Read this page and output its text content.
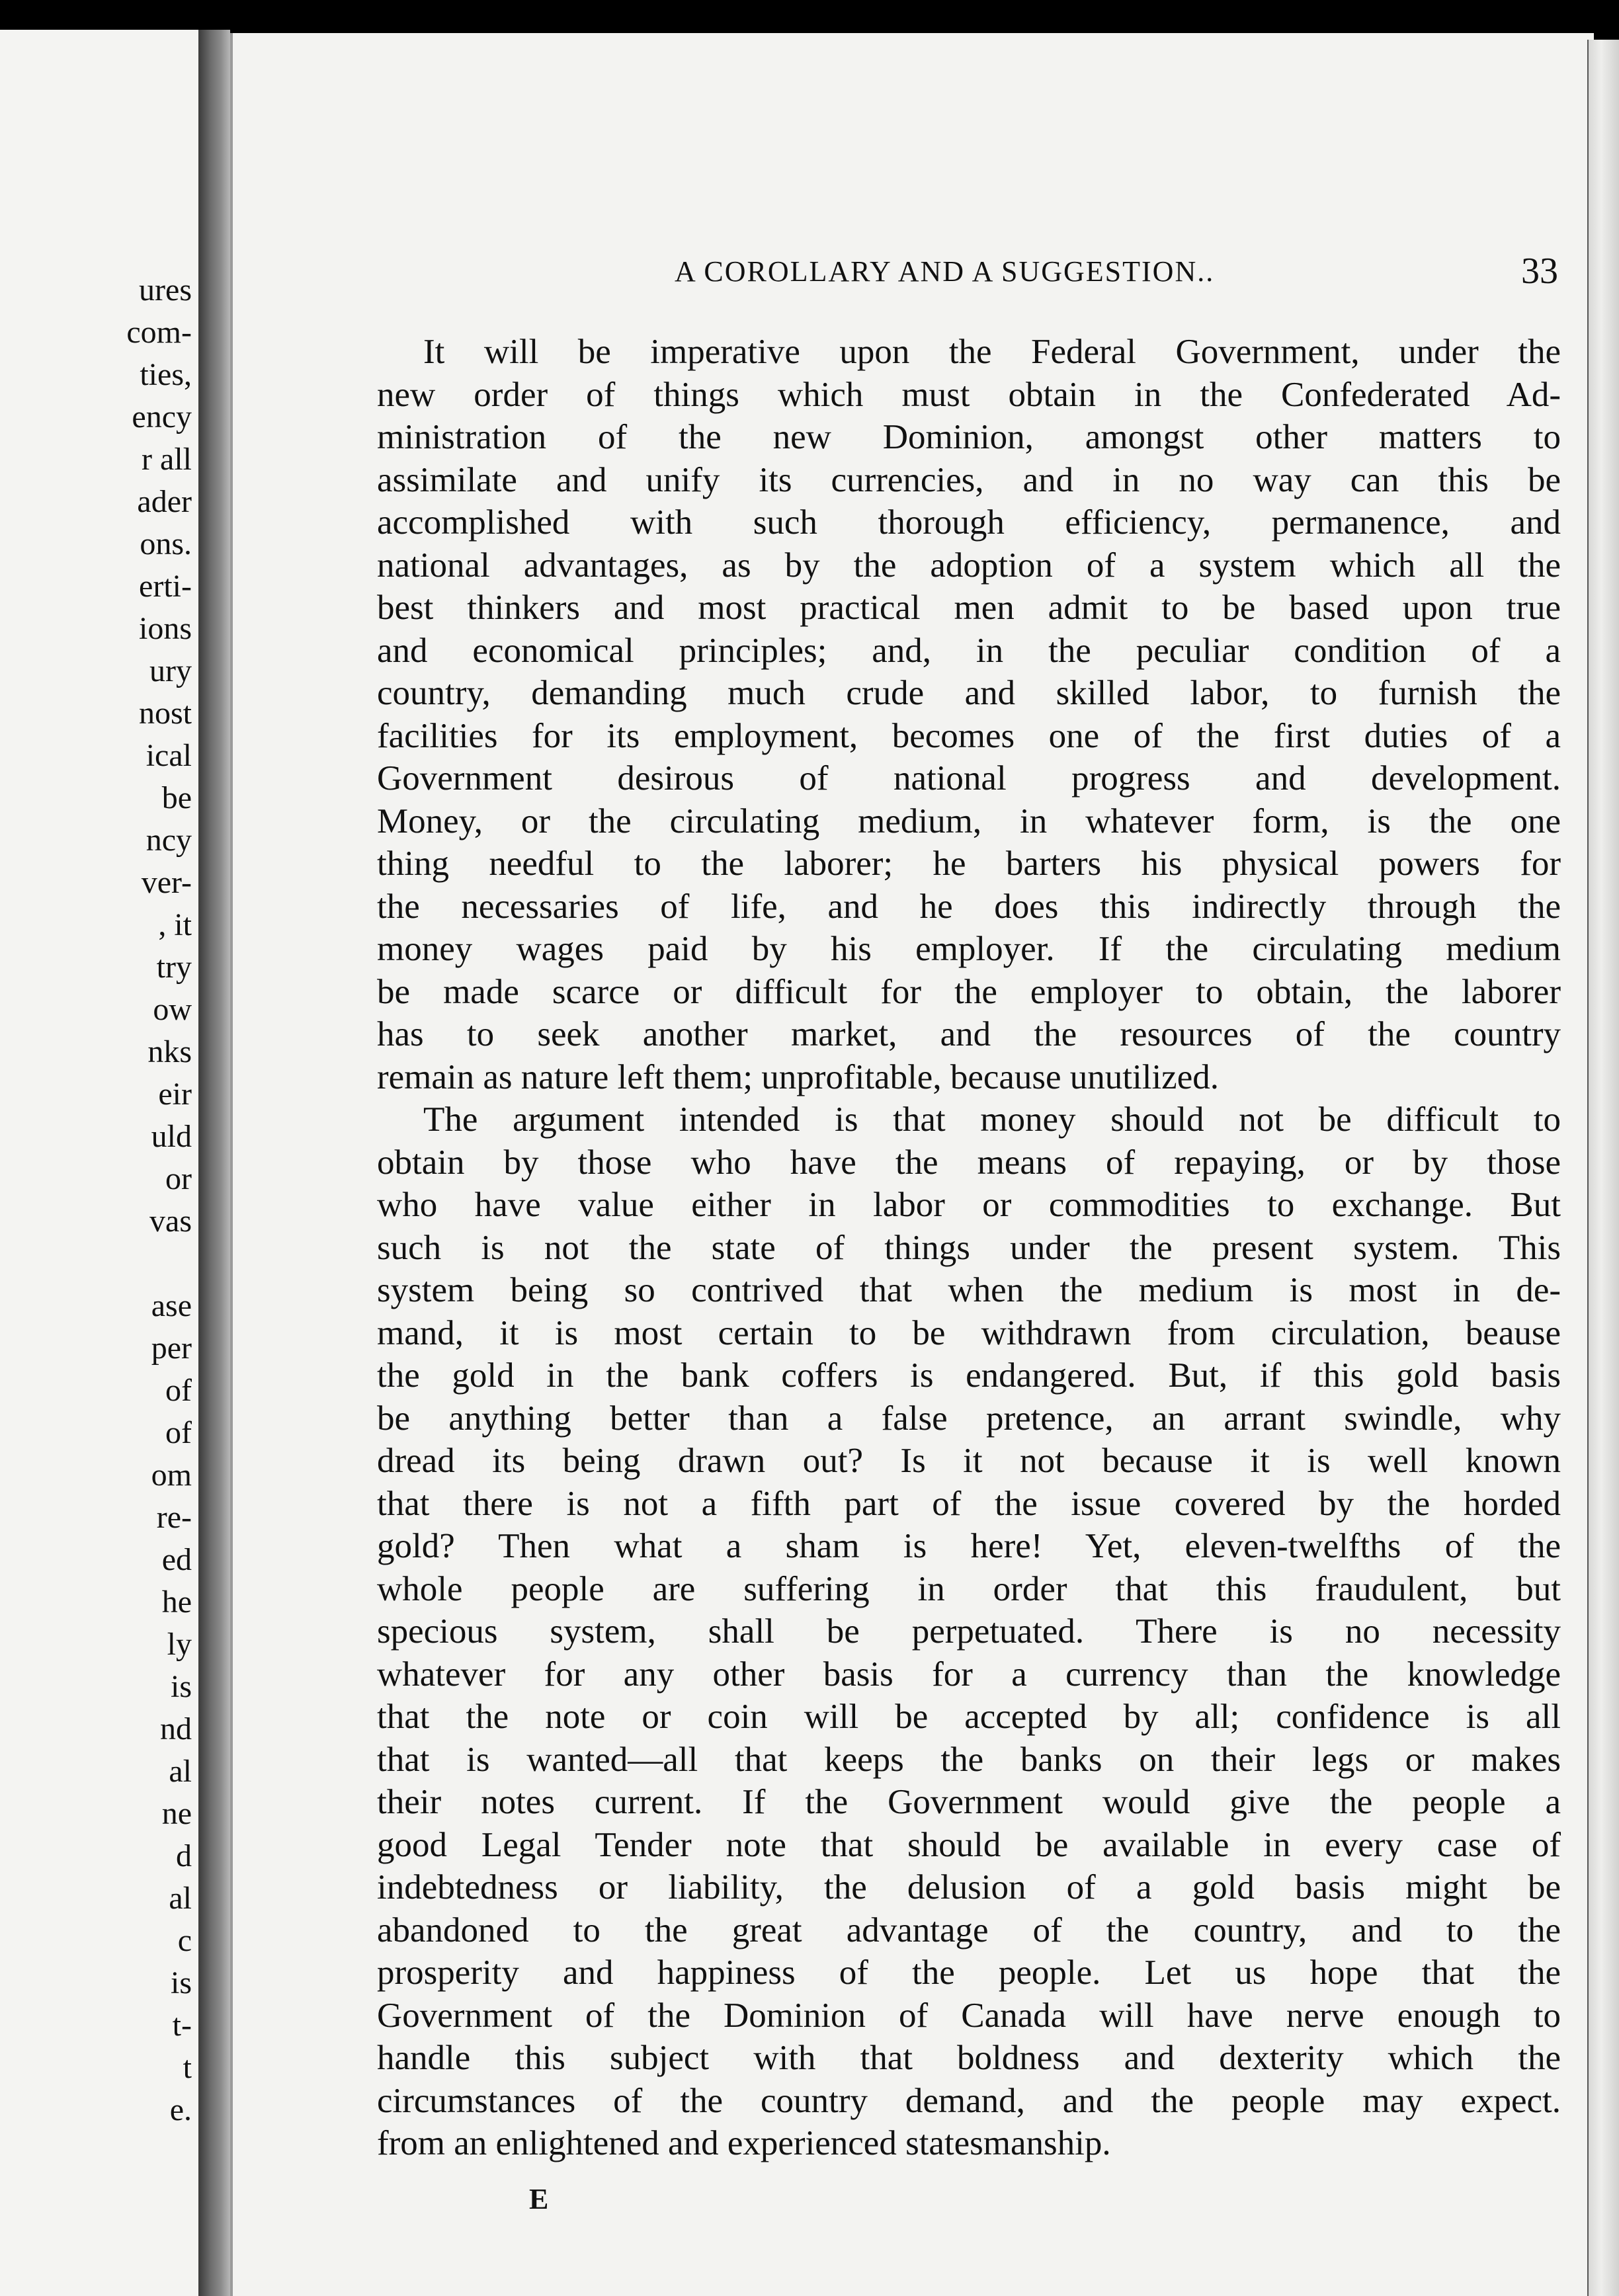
ures
com-
ties,
ency
r all
ader
ons.
erti-
ions
ury
nost
ical
be
ncy
ver-
, it
try
ow
nks
eir
uld
or
vas
ase
per
of
of
om
re-
ed
he
ly
is
nd
al
ne
d
al
c
is
t-
t
e.
A COROLLARY AND A SUGGESTION..	33
It will be imperative upon the Federal Government, under the
new order of things which must obtain in the Confederated Ad-
ministration of the new Dominion, amongst other matters to
assimilate and unify its currencies, and in no way can this be
accomplished with such thorough efficiency, permanence, and
national advantages, as by the adoption of a system which all the
best thinkers and most practical men admit to be based upon true
and economical principles; and, in the peculiar condition of a
country, demanding much crude and skilled labor, to furnish the
facilities for its employment, becomes one of the first duties of a
Government desirous of national progress and development.
Money, or the circulating medium, in whatever form, is the one
thing needful to the laborer; he barters his physical powers for
the necessaries of life, and he does this indirectly through the
money wages paid by his employer. If the circulating medium
be made scarce or difficult for the employer to obtain, the laborer
has to seek another market, and the resources of the country
remain as nature left them; unprofitable, because unutilized.
The argument intended is that money should not be difficult to
obtain by those who have the means of repaying, or by those
who have value either in labor or commodities to exchange. But
such is not the state of things under the present system. This
system being so contrived that when the medium is most in de-
mand, it is most certain to be withdrawn from circulation, beause
the gold in the bank coffers is endangered. But, if this gold basis
be anything better than a false pretence, an arrant swindle, why
dread its being drawn out? Is it not because it is well known
that there is not a fifth part of the issue covered by the horded
gold? Then what a sham is here! Yet, eleven-twelfths of the
whole people are suffering in order that this fraudulent, but
specious system, shall be perpetuated. There is no necessity
whatever for any other basis for a currency than the knowledge
that the note or coin will be accepted by all; confidence is all
that is wanted—all that keeps the banks on their legs or makes
their notes current. If the Government would give the people a
good Legal Tender note that should be available in every case of
indebtedness or liability, the delusion of a gold basis might be
abandoned to the great advantage of the country, and to the
prosperity and happiness of the people. Let us hope that the
Government of the Dominion of Canada will have nerve enough to
handle this subject with that boldness and dexterity which the
circumstances of the country demand, and the people may expect.
from an enlightened and experienced statesmanship.
E
